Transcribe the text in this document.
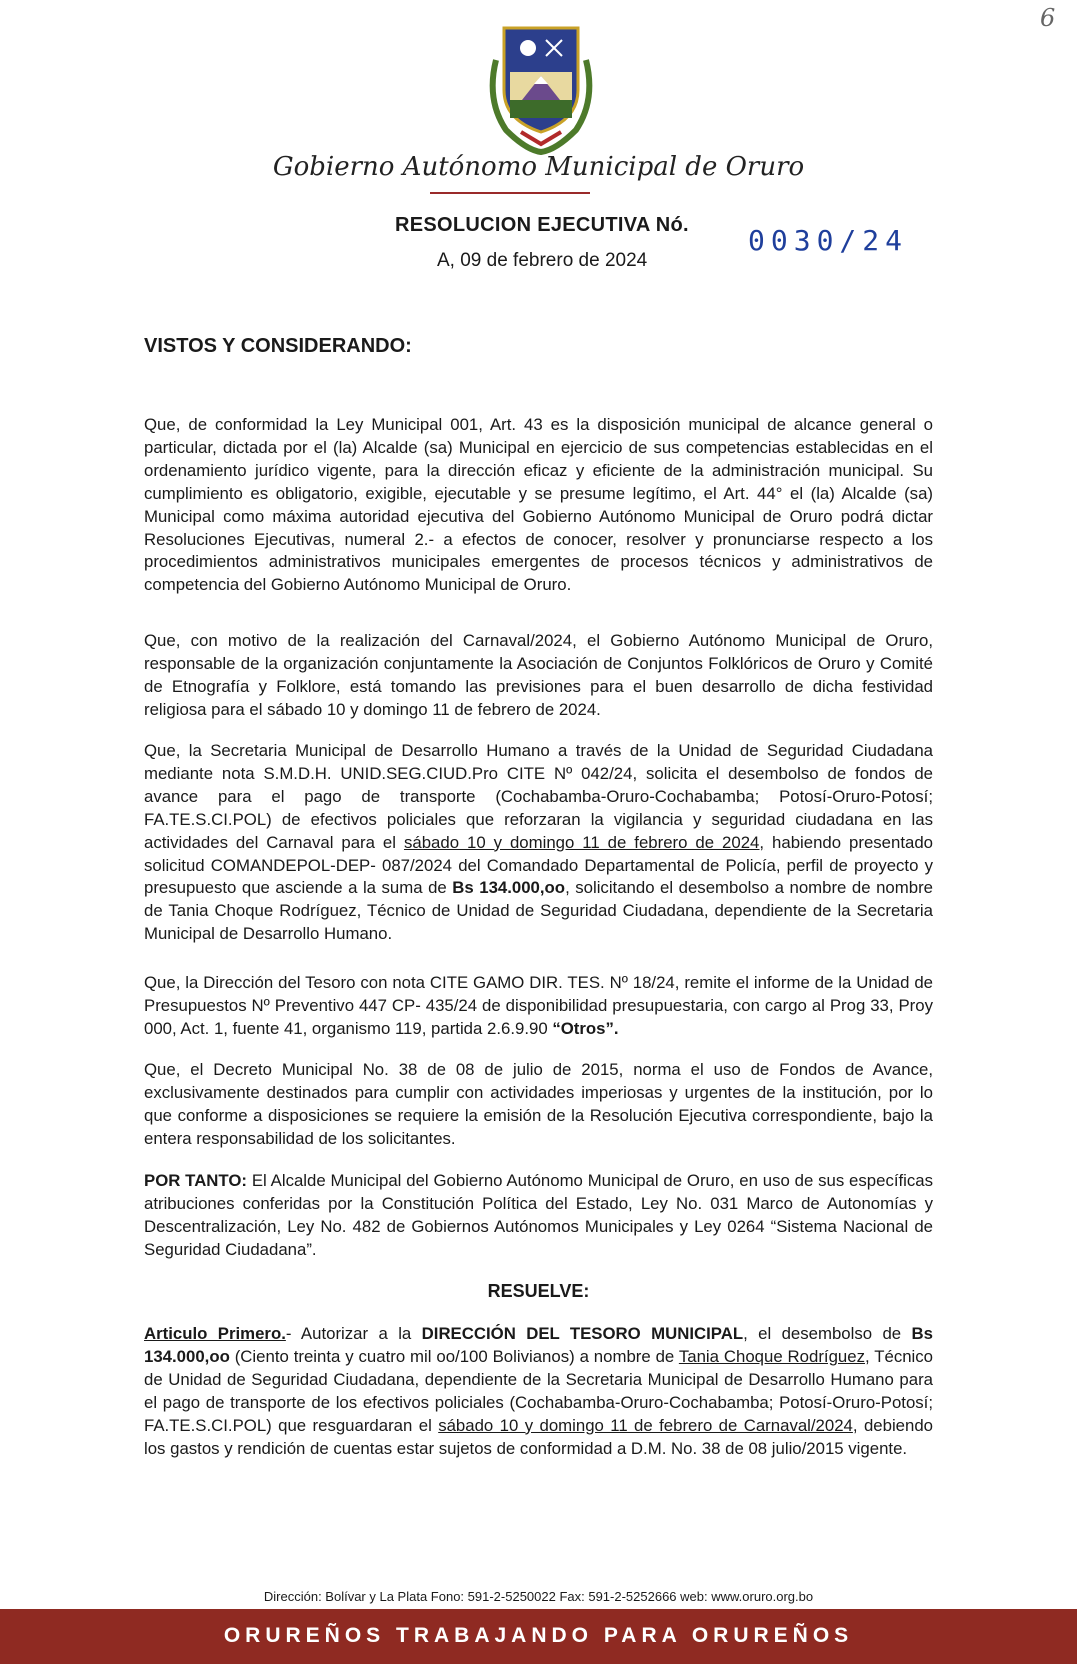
6
Gobierno Autónomo Municipal de Oruro
RESOLUCION EJECUTIVA Nó. 0030/24
A, 09 de febrero de 2024
VISTOS Y CONSIDERANDO:
Que, de conformidad la Ley Municipal 001, Art. 43 es la disposición municipal de alcance general o particular, dictada por el (la) Alcalde (sa) Municipal en ejercicio de sus competencias establecidas en el ordenamiento jurídico vigente, para la dirección eficaz y eficiente de la administración municipal. Su cumplimiento es obligatorio, exigible, ejecutable y se presume legítimo, el Art. 44° el (la) Alcalde (sa) Municipal como máxima autoridad ejecutiva del Gobierno Autónomo Municipal de Oruro podrá dictar Resoluciones Ejecutivas, numeral 2.- a efectos de conocer, resolver y pronunciarse respecto a los procedimientos administrativos municipales emergentes de procesos técnicos y administrativos de competencia del Gobierno Autónomo Municipal de Oruro.
Que, con motivo de la realización del Carnaval/2024, el Gobierno Autónomo Municipal de Oruro, responsable de la organización conjuntamente la Asociación de Conjuntos Folklóricos de Oruro y Comité de Etnografía y Folklore, está tomando las previsiones para el buen desarrollo de dicha festividad religiosa para el sábado 10 y domingo 11 de febrero de 2024.
Que, la Secretaria Municipal de Desarrollo Humano a través de la Unidad de Seguridad Ciudadana mediante nota S.M.D.H. UNID.SEG.CIUD.Pro CITE Nº 042/24, solicita el desembolso de fondos de avance para el pago de transporte (Cochabamba-Oruro-Cochabamba; Potosí-Oruro-Potosí; FA.TE.S.CI.POL) de efectivos policiales que reforzaran la vigilancia y seguridad ciudadana en las actividades del Carnaval para el sábado 10 y domingo 11 de febrero de 2024, habiendo presentado solicitud COMANDEPOL-DEP- 087/2024 del Comandado Departamental de Policía, perfil de proyecto y presupuesto que asciende a la suma de Bs 134.000,oo, solicitando el desembolso a nombre de nombre de Tania Choque Rodríguez, Técnico de Unidad de Seguridad Ciudadana, dependiente de la Secretaria Municipal de Desarrollo Humano.
Que, la Dirección del Tesoro con nota CITE GAMO DIR. TES. Nº 18/24, remite el informe de la Unidad de Presupuestos Nº Preventivo 447 CP- 435/24 de disponibilidad presupuestaria, con cargo al Prog 33, Proy 000, Act. 1, fuente 41, organismo 119, partida 2.6.9.90 “Otros”.
Que, el Decreto Municipal No. 38 de 08 de julio de 2015, norma el uso de Fondos de Avance, exclusivamente destinados para cumplir con actividades imperiosas y urgentes de la institución, por lo que conforme a disposiciones se requiere la emisión de la Resolución Ejecutiva correspondiente, bajo la entera responsabilidad de los solicitantes.
POR TANTO: El Alcalde Municipal del Gobierno Autónomo Municipal de Oruro, en uso de sus específicas atribuciones conferidas por la Constitución Política del Estado, Ley No. 031 Marco de Autonomías y Descentralización, Ley No. 482 de Gobiernos Autónomos Municipales y Ley 0264 “Sistema Nacional de Seguridad Ciudadana”.
RESUELVE:
Articulo Primero.- Autorizar a la DIRECCIÓN DEL TESORO MUNICIPAL, el desembolso de Bs 134.000,oo (Ciento treinta y cuatro mil oo/100 Bolivianos) a nombre de Tania Choque Rodríguez, Técnico de Unidad de Seguridad Ciudadana, dependiente de la Secretaria Municipal de Desarrollo Humano para el pago de transporte de los efectivos policiales (Cochabamba-Oruro-Cochabamba; Potosí-Oruro-Potosí; FA.TE.S.CI.POL) que resguardaran el sábado 10 y domingo 11 de febrero de Carnaval/2024, debiendo los gastos y rendición de cuentas estar sujetos de conformidad a D.M. No. 38 de 08 julio/2015 vigente.
Dirección: Bolívar y La Plata Fono: 591-2-5250022 Fax: 591-2-5252666 web: www.oruro.org.bo
ORUREÑOS TRABAJANDO PARA ORUREÑOS
